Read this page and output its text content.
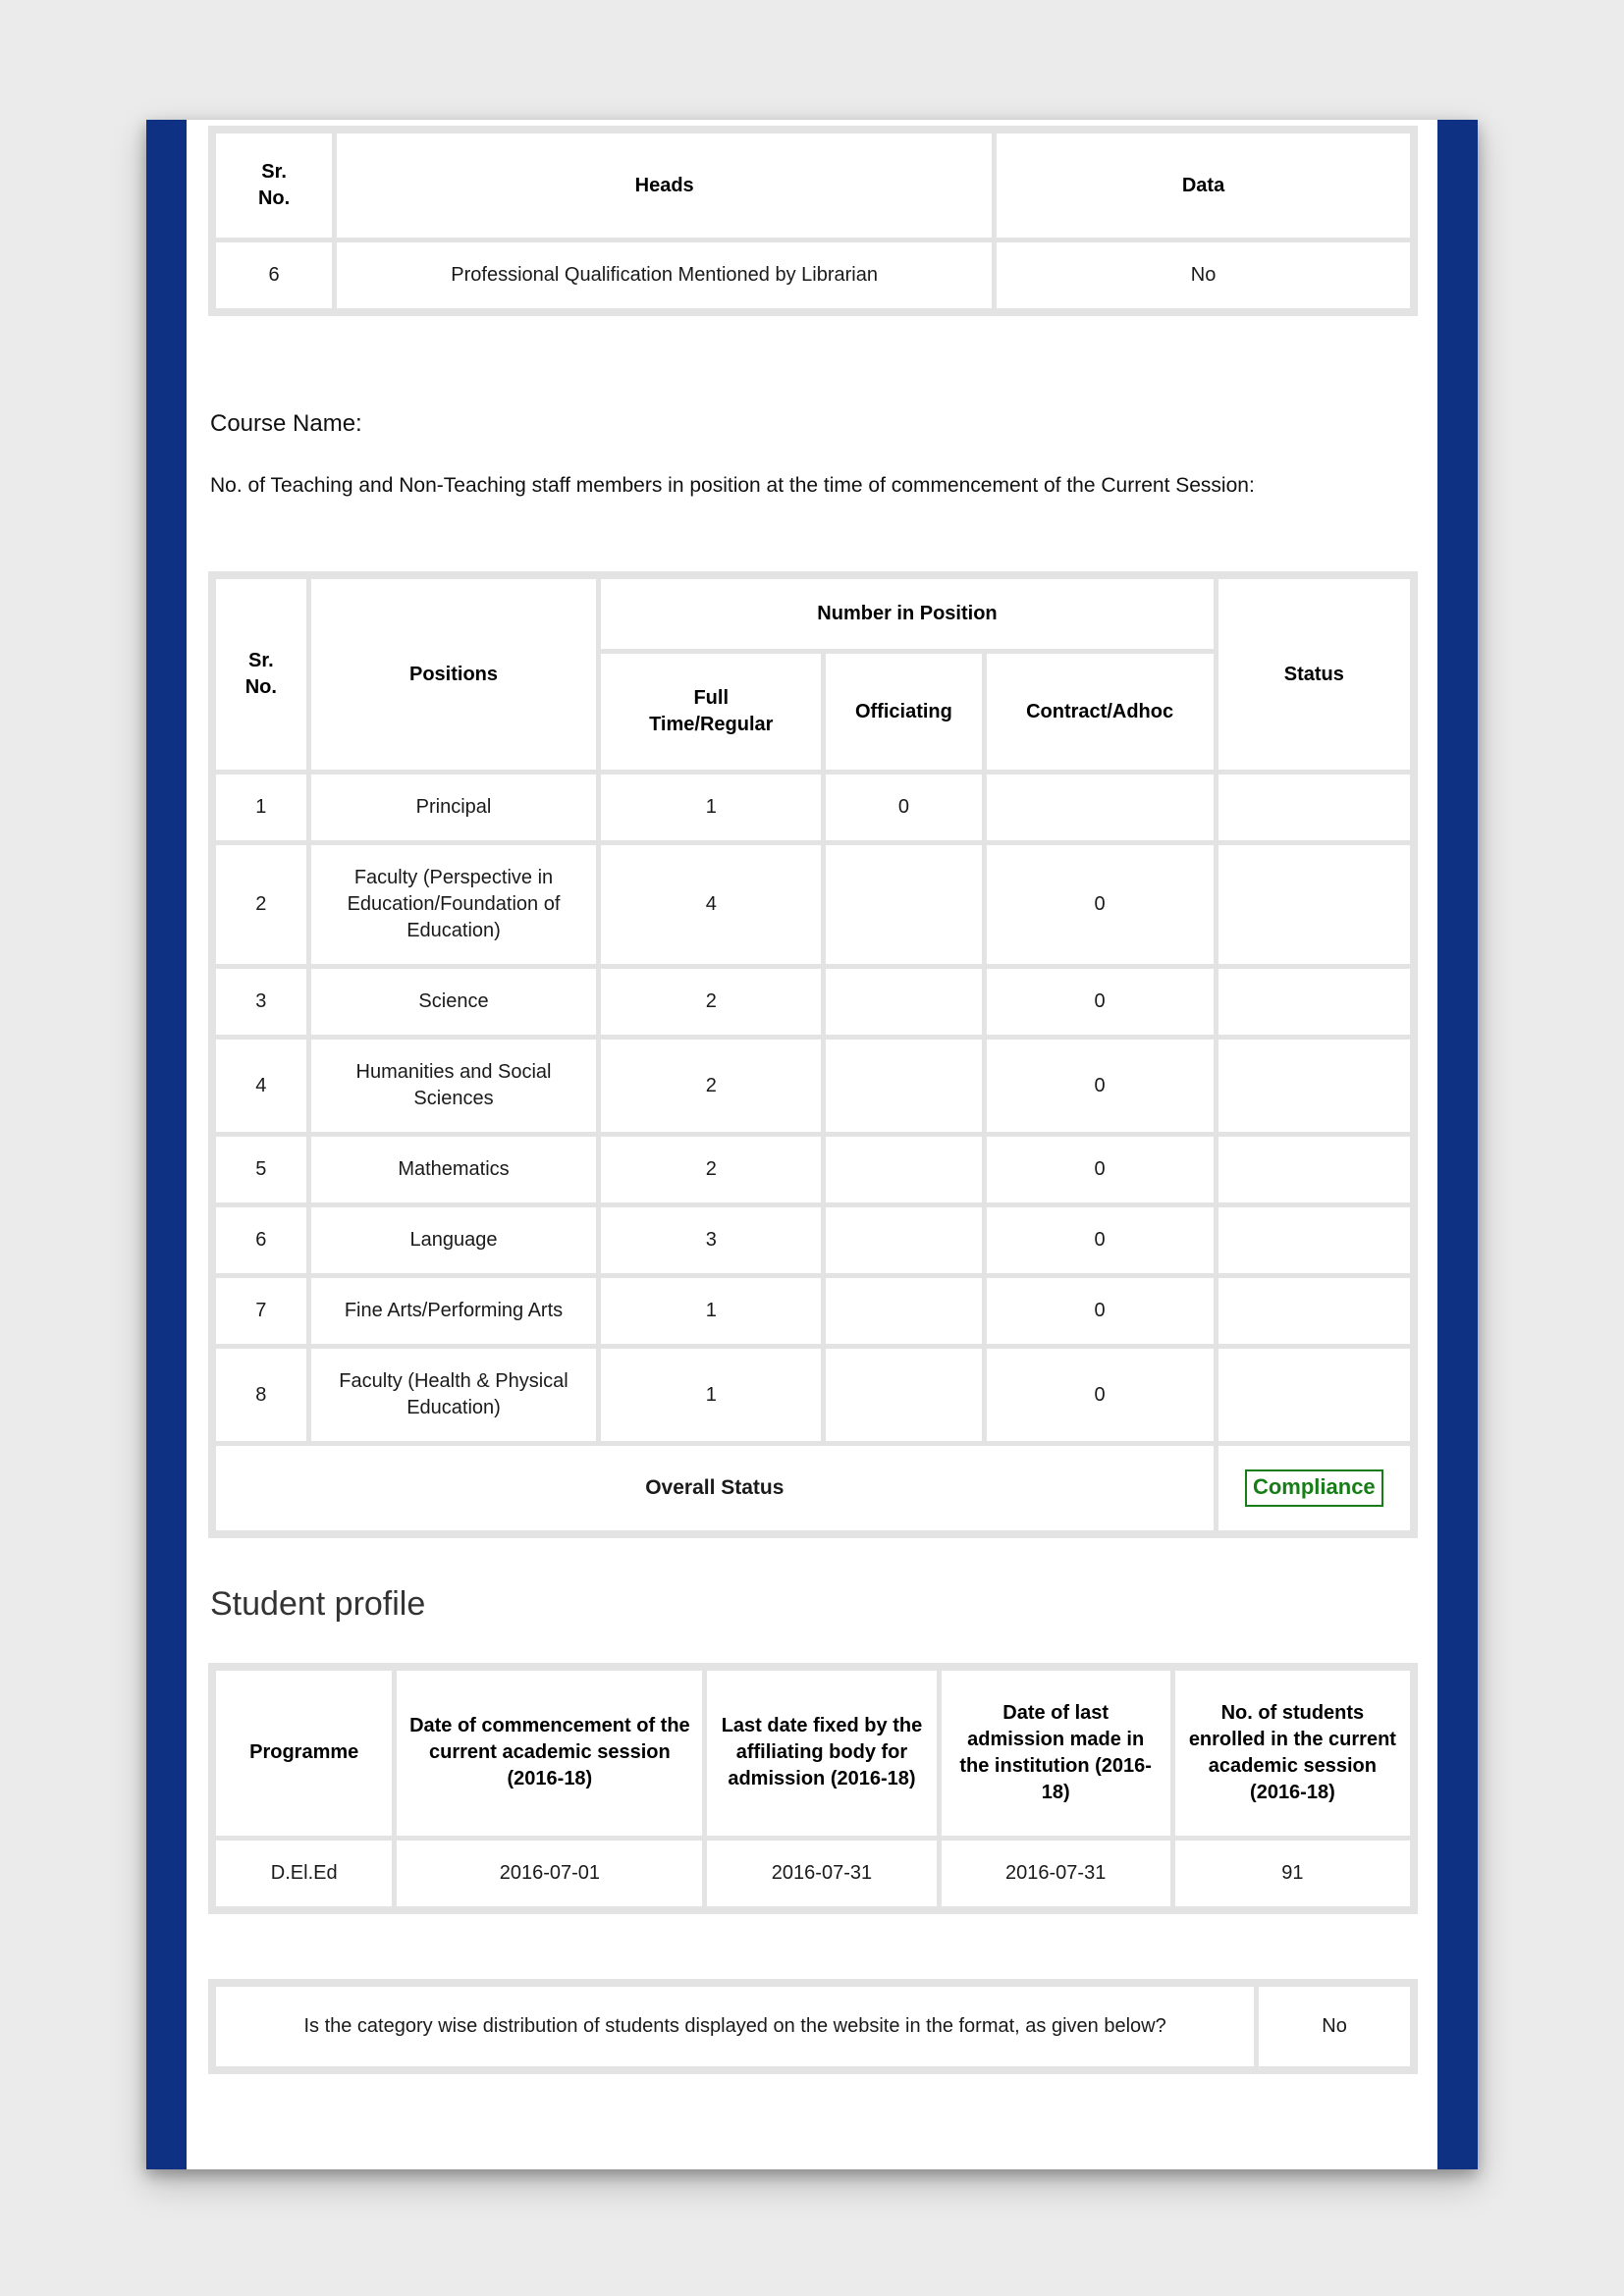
Sr. No.	Heads	Data
6	Professional Qualification Mentioned by Librarian	No
Course Name:
No. of Teaching and Non-Teaching staff members in position at the time of commencement of the Current Session:
Sr. No.	Positions	Number in Position			Status
		Full Time/Regular	Officiating	Contract/Adhoc	
1	Principal	1	0		
2	Faculty (Perspective in Education/Foundation of Education)	4		0	
3	Science	2		0	
4	Humanities and Social Sciences	2		0	
5	Mathematics	2		0	
6	Language	3		0	
7	Fine Arts/Performing Arts	1		0	
8	Faculty (Health & Physical Education)	1		0	
Overall Status					Compliance
Student profile
Programme	Date of commencement of the current academic session (2016-18)	Last date fixed by the affiliating body for admission (2016-18)	Date of last admission made in the institution (2016-18)	No. of students enrolled in the current academic session (2016-18)
D.El.Ed	2016-07-01	2016-07-31	2016-07-31	91
Is the category wise distribution of students displayed on the website in the format, as given below?	No
